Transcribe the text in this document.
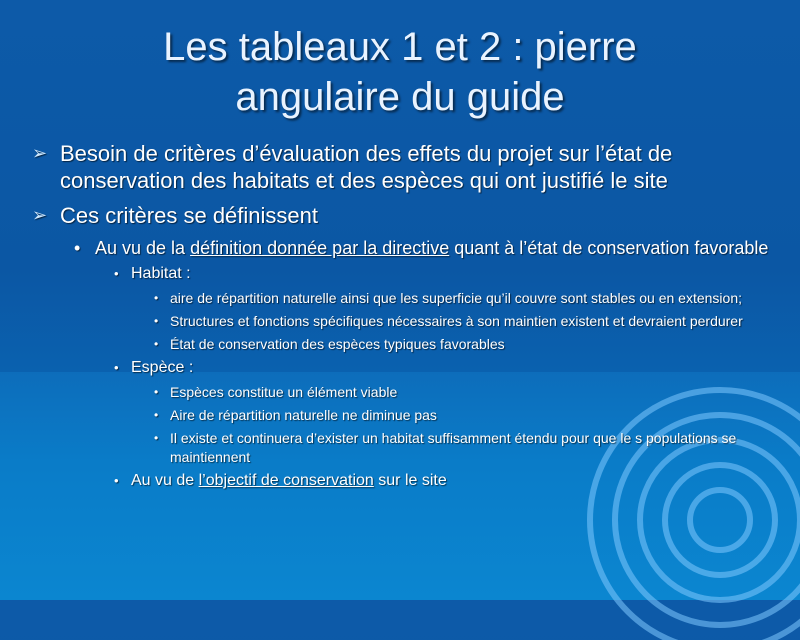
Les tableaux 1 et 2 : pierre
angulaire du guide
➢ Besoin de critères d’évaluation des effets du projet sur l’état de conservation des habitats et des espèces qui ont justifié le site
➢ Ces critères se définissent
• Au vu de la définition donnée par la directive quant à l’état de conservation favorable
• Habitat :
• aire de répartition naturelle ainsi que les superficie qu’il couvre sont stables ou en extension;
• Structures et fonctions spécifiques nécessaires à son maintien existent et devraient perdurer
• État de conservation des espèces typiques favorables
• Espèce :
• Espèces constitue un élément viable
• Aire de répartition naturelle ne diminue pas
• Il existe et continuera d’exister un habitat suffisamment étendu pour que le s populations se maintiennent
• Au vu de l’objectif de conservation sur le site
